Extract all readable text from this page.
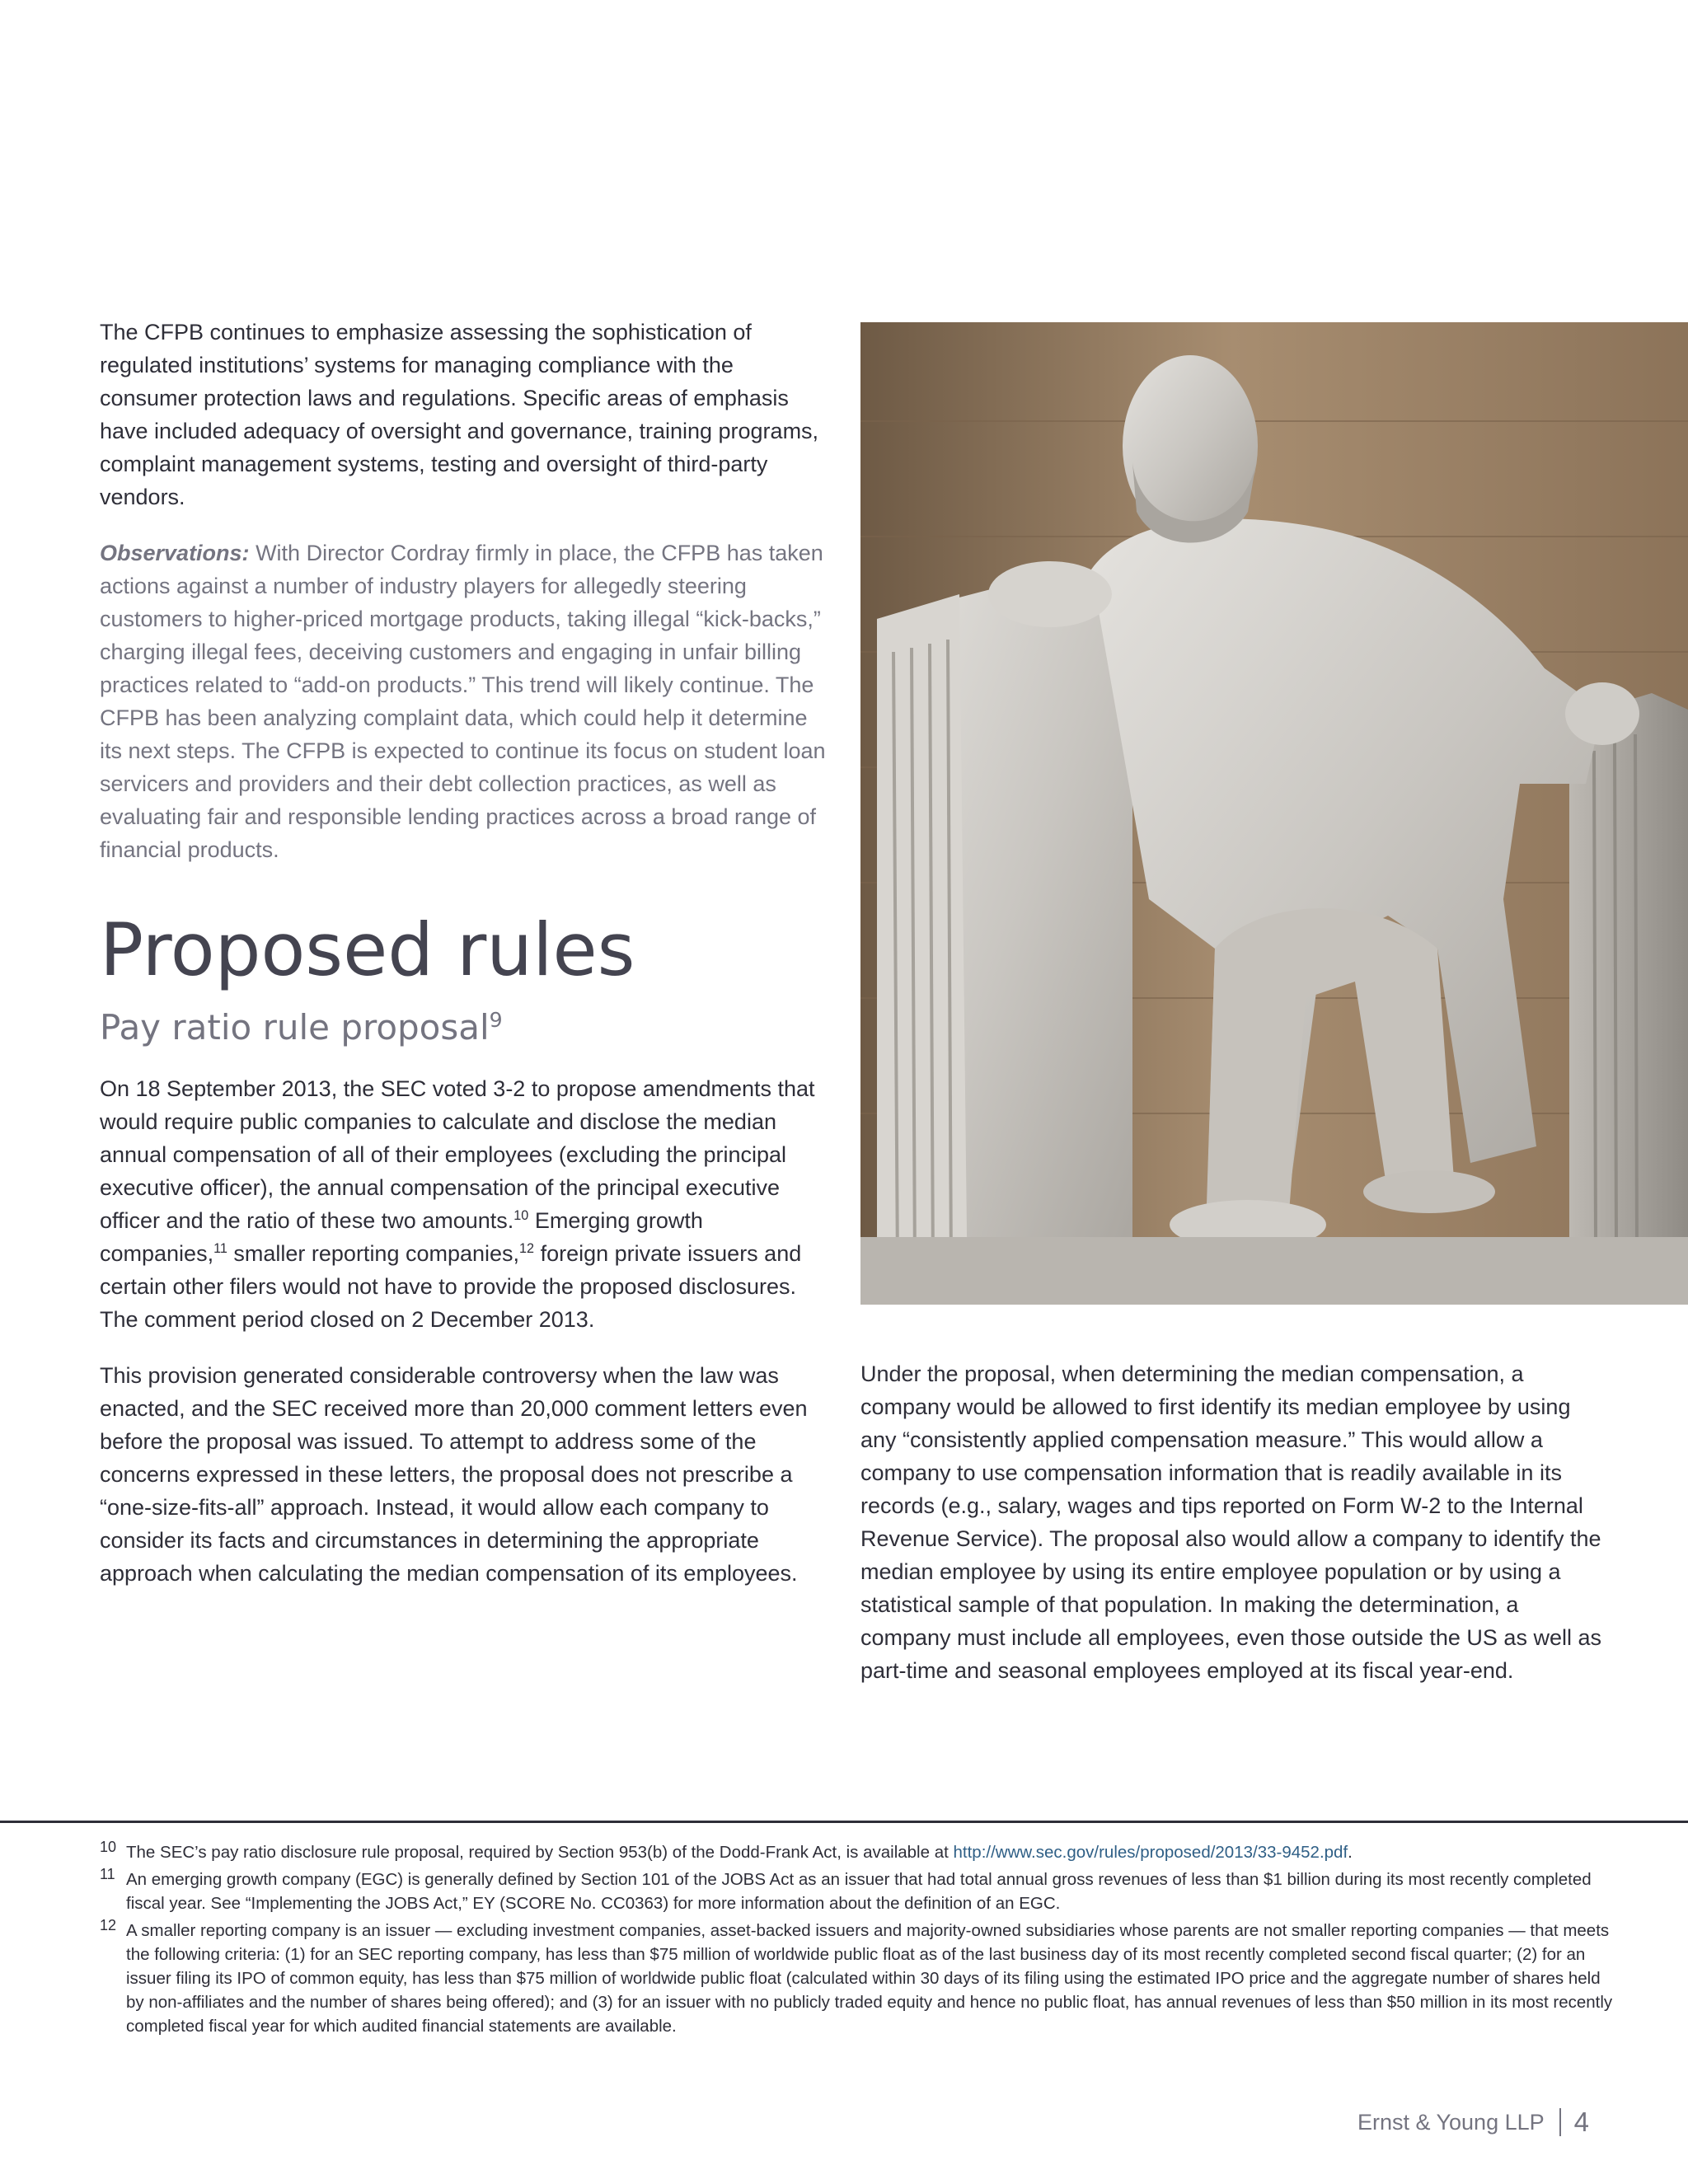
The CFPB continues to emphasize assessing the sophistication of regulated institutions’ systems for managing compliance with the consumer protection laws and regulations. Specific areas of emphasis have included adequacy of oversight and governance, training programs, complaint management systems, testing and oversight of third-party vendors.

Observations: With Director Cordray firmly in place, the CFPB has taken actions against a number of industry players for allegedly steering customers to higher-priced mortgage products, taking illegal “kick-backs,” charging illegal fees, deceiving customers and engaging in unfair billing practices related to “add-on products.” This trend will likely continue. The CFPB has been analyzing complaint data, which could help it determine its next steps. The CFPB is expected to continue its focus on student loan servicers and providers and their debt collection practices, as well as evaluating fair and responsible lending practices across a broad range of financial products.

Proposed rules
Pay ratio rule proposal$^9$

On 18 September 2013, the SEC voted 3-2 to propose amendments that would require public companies to calculate and disclose the median annual compensation of all of their employees (excluding the principal executive officer), the annual compensation of the principal executive officer and the ratio of these two amounts.$^{10}$ Emerging growth companies,$^{11}$ smaller reporting companies,$^{12}$ foreign private issuers and certain other filers would not have to provide the proposed disclosures. The comment period closed on 2 December 2013.

This provision generated considerable controversy when the law was enacted, and the SEC received more than 20,000 comment letters even before the proposal was issued. To attempt to address some of the concerns expressed in these letters, the proposal does not prescribe a “one-size-fits-all” approach. Instead, it would allow each company to consider its facts and circumstances in determining the appropriate approach when calculating the median compensation of its employees.

Under the proposal, when determining the median compensation, a company would be allowed to first identify its median employee by using any “consistently applied compensation measure.” This would allow a company to use compensation information that is readily available in its records (e.g., salary, wages and tips reported on Form W-2 to the Internal Revenue Service). The proposal also would allow a company to identify the median employee by using its entire employee population or by using a statistical sample of that population. In making the determination, a company must include all employees, even those outside the US as well as part-time and seasonal employees employed at its fiscal year-end.

10 The SEC’s pay ratio disclosure rule proposal, required by Section 953(b) of the Dodd-Frank Act, is available at http://www.sec.gov/rules/proposed/2013/33-9452.pdf.
11 An emerging growth company (EGC) is generally defined by Section 101 of the JOBS Act as an issuer that had total annual gross revenues of less than $1 billion during its most recently completed fiscal year. See “Implementing the JOBS Act,” EY (SCORE No. CC0363) for more information about the definition of an EGC.
12 A smaller reporting company is an issuer — excluding investment companies, asset-backed issuers and majority-owned subsidiaries whose parents are not smaller reporting companies — that meets the following criteria: (1) for an SEC reporting company, has less than $75 million of worldwide public float as of the last business day of its most recently completed second fiscal quarter; (2) for an issuer filing its IPO of common equity, has less than $75 million of worldwide public float (calculated within 30 days of its filing using the estimated IPO price and the aggregate number of shares held by non-affiliates and the number of shares being offered); and (3) for an issuer with no publicly traded equity and hence no public float, has annual revenues of less than $50 million in its most recently completed fiscal year for which audited financial statements are available.
Ernst & Young LLP 4
